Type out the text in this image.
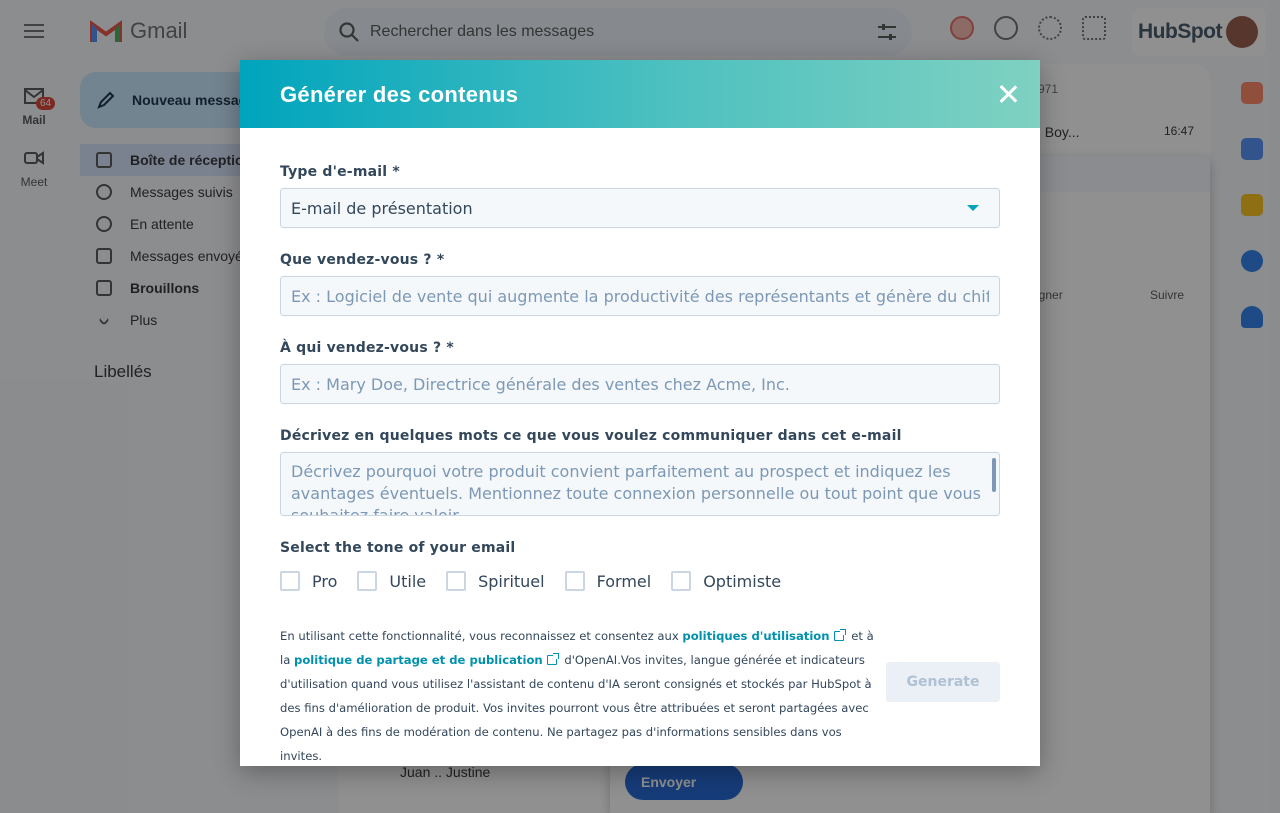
Générer des contenus
Type d'e-mail *
E-mail de présentation
Que vendez-vous ? *
Ex : Logiciel de vente qui augmente la productivité des représentants et génère du chiffre d'affaires
À qui vendez-vous ? *
Ex : Mary Doe, Directrice générale des ventes chez Acme, Inc.
Décrivez en quelques mots ce que vous voulez communiquer dans cet e-mail
Décrivez pourquoi votre produit convient parfaitement au prospect et indiquez les avantages éventuels. Mentionnez toute connexion personnelle ou tout point que vous souhaitez faire valoir.
Select the tone of your email
Pro	Utile	Spirituel	Formel	Optimiste
En utilisant cette fonctionnalité, vous reconnaissez et consentez aux politiques d'utilisation et à la politique de partage et de publication d'OpenAI.Vos invites, langue générée et indicateurs d'utilisation quand vous utilisez l'assistant de contenu d'IA seront consignés et stockés par HubSpot à des fins d'amélioration de produit. Vos invites pourront vous être attribuées et seront partagées avec OpenAI à des fins de modération de contenu. Ne partagez pas d'informations sensibles dans vos invites.
Generate
